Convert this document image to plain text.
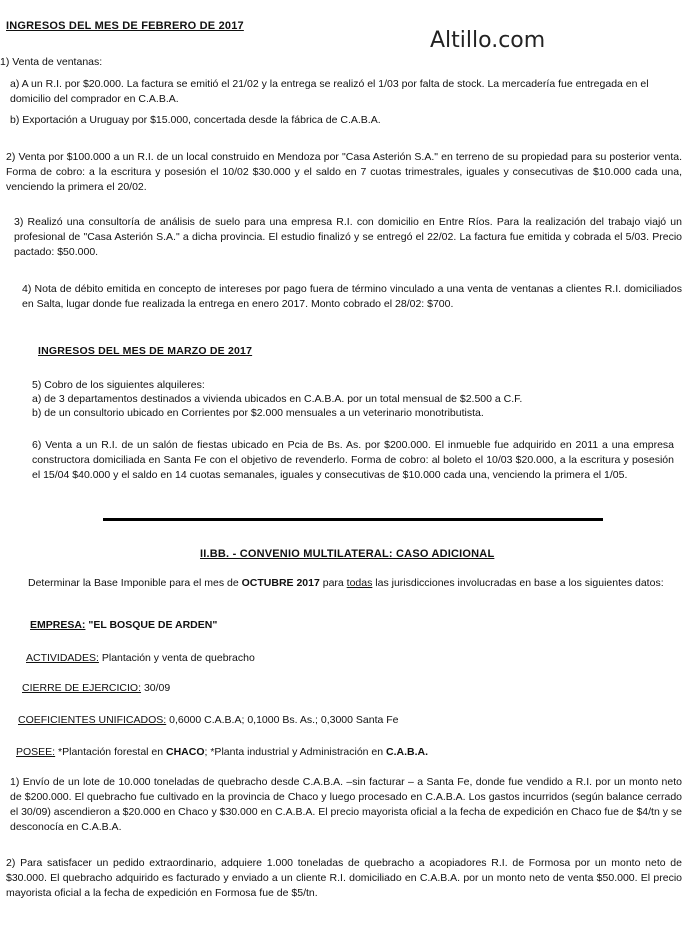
Altillo.com
INGRESOS DEL MES DE FEBRERO DE 2017

1) Venta de ventanas:

a) A un R.I. por $20.000. La factura se emitió el 21/02 y la entrega se realizó el 1/03 por falta de stock. La mercadería fue entregada en el domicilio del comprador en C.A.B.A.

b) Exportación a Uruguay por $15.000, concertada desde la fábrica de C.A.B.A.

2) Venta por $100.000 a un R.I. de un local construido en Mendoza por "Casa Asterión S.A." en terreno de su propiedad para su posterior venta. Forma de cobro: a la escritura y posesión el 10/02 $30.000 y el saldo en 7 cuotas trimestrales, iguales y consecutivas de $10.000 cada una, venciendo la primera el 20/02.

3) Realizó una consultoría de análisis de suelo para una empresa R.I. con domicilio en Entre Ríos. Para la realización del trabajo viajó un profesional de "Casa Asterión S.A." a dicha provincia. El estudio finalizó y se entregó el 22/02. La factura fue emitida y cobrada el 5/03. Precio pactado: $50.000.

4) Nota de débito emitida en concepto de intereses por pago fuera de término vinculado a una venta de ventanas a clientes R.I. domiciliados en Salta, lugar donde fue realizada la entrega en enero 2017. Monto cobrado el 28/02: $700.

INGRESOS DEL MES DE MARZO DE 2017

5) Cobro de los siguientes alquileres:

a) de 3 departamentos destinados a vivienda ubicados en C.A.B.A. por un total mensual de $2.500 a C.F.

b) de un consultorio ubicado en Corrientes por $2.000 mensuales a un veterinario monotributista.

6) Venta a un R.I. de un salón de fiestas ubicado en Pcia de Bs. As. por $200.000. El inmueble fue adquirido en 2011 a una empresa constructora domiciliada en Santa Fe con el objetivo de revenderlo. Forma de cobro: al boleto el 10/03 $20.000, a la escritura y posesión el 15/04 $40.000 y el saldo en 14 cuotas semanales, iguales y consecutivas de $10.000 cada una, venciendo la primera el 1/05.

II.BB. - CONVENIO MULTILATERAL: CASO ADICIONAL

Determinar la Base Imponible para el mes de OCTUBRE 2017 para todas las jurisdicciones involucradas en base a los siguientes datos:

EMPRESA: "EL BOSQUE DE ARDEN"

ACTIVIDADES: Plantación y venta de quebracho

CIERRE DE EJERCICIO: 30/09

COEFICIENTES UNIFICADOS: 0,6000 C.A.B.A; 0,1000 Bs. As.; 0,3000 Santa Fe

POSEE: *Plantación forestal en CHACO; *Planta industrial y Administración en C.A.B.A.

1) Envío de un lote de 10.000 toneladas de quebracho desde C.A.B.A. –sin facturar – a Santa Fe, donde fue vendido a R.I. por un monto neto de $200.000. El quebracho fue cultivado en la provincia de Chaco y luego procesado en C.A.B.A. Los gastos incurridos (según balance cerrado el 30/09) ascendieron a $20.000 en Chaco y $30.000 en C.A.B.A. El precio mayorista oficial a la fecha de expedición en Chaco fue de $4/tn y se desconocía en C.A.B.A.

2) Para satisfacer un pedido extraordinario, adquiere 1.000 toneladas de quebracho a acopiadores R.I. de Formosa por un monto neto de $30.000. El quebracho adquirido es facturado y enviado a un cliente R.I. domiciliado en C.A.B.A. por un monto neto de venta $50.000. El precio mayorista oficial a la fecha de expedición en Formosa fue de $5/tn.
